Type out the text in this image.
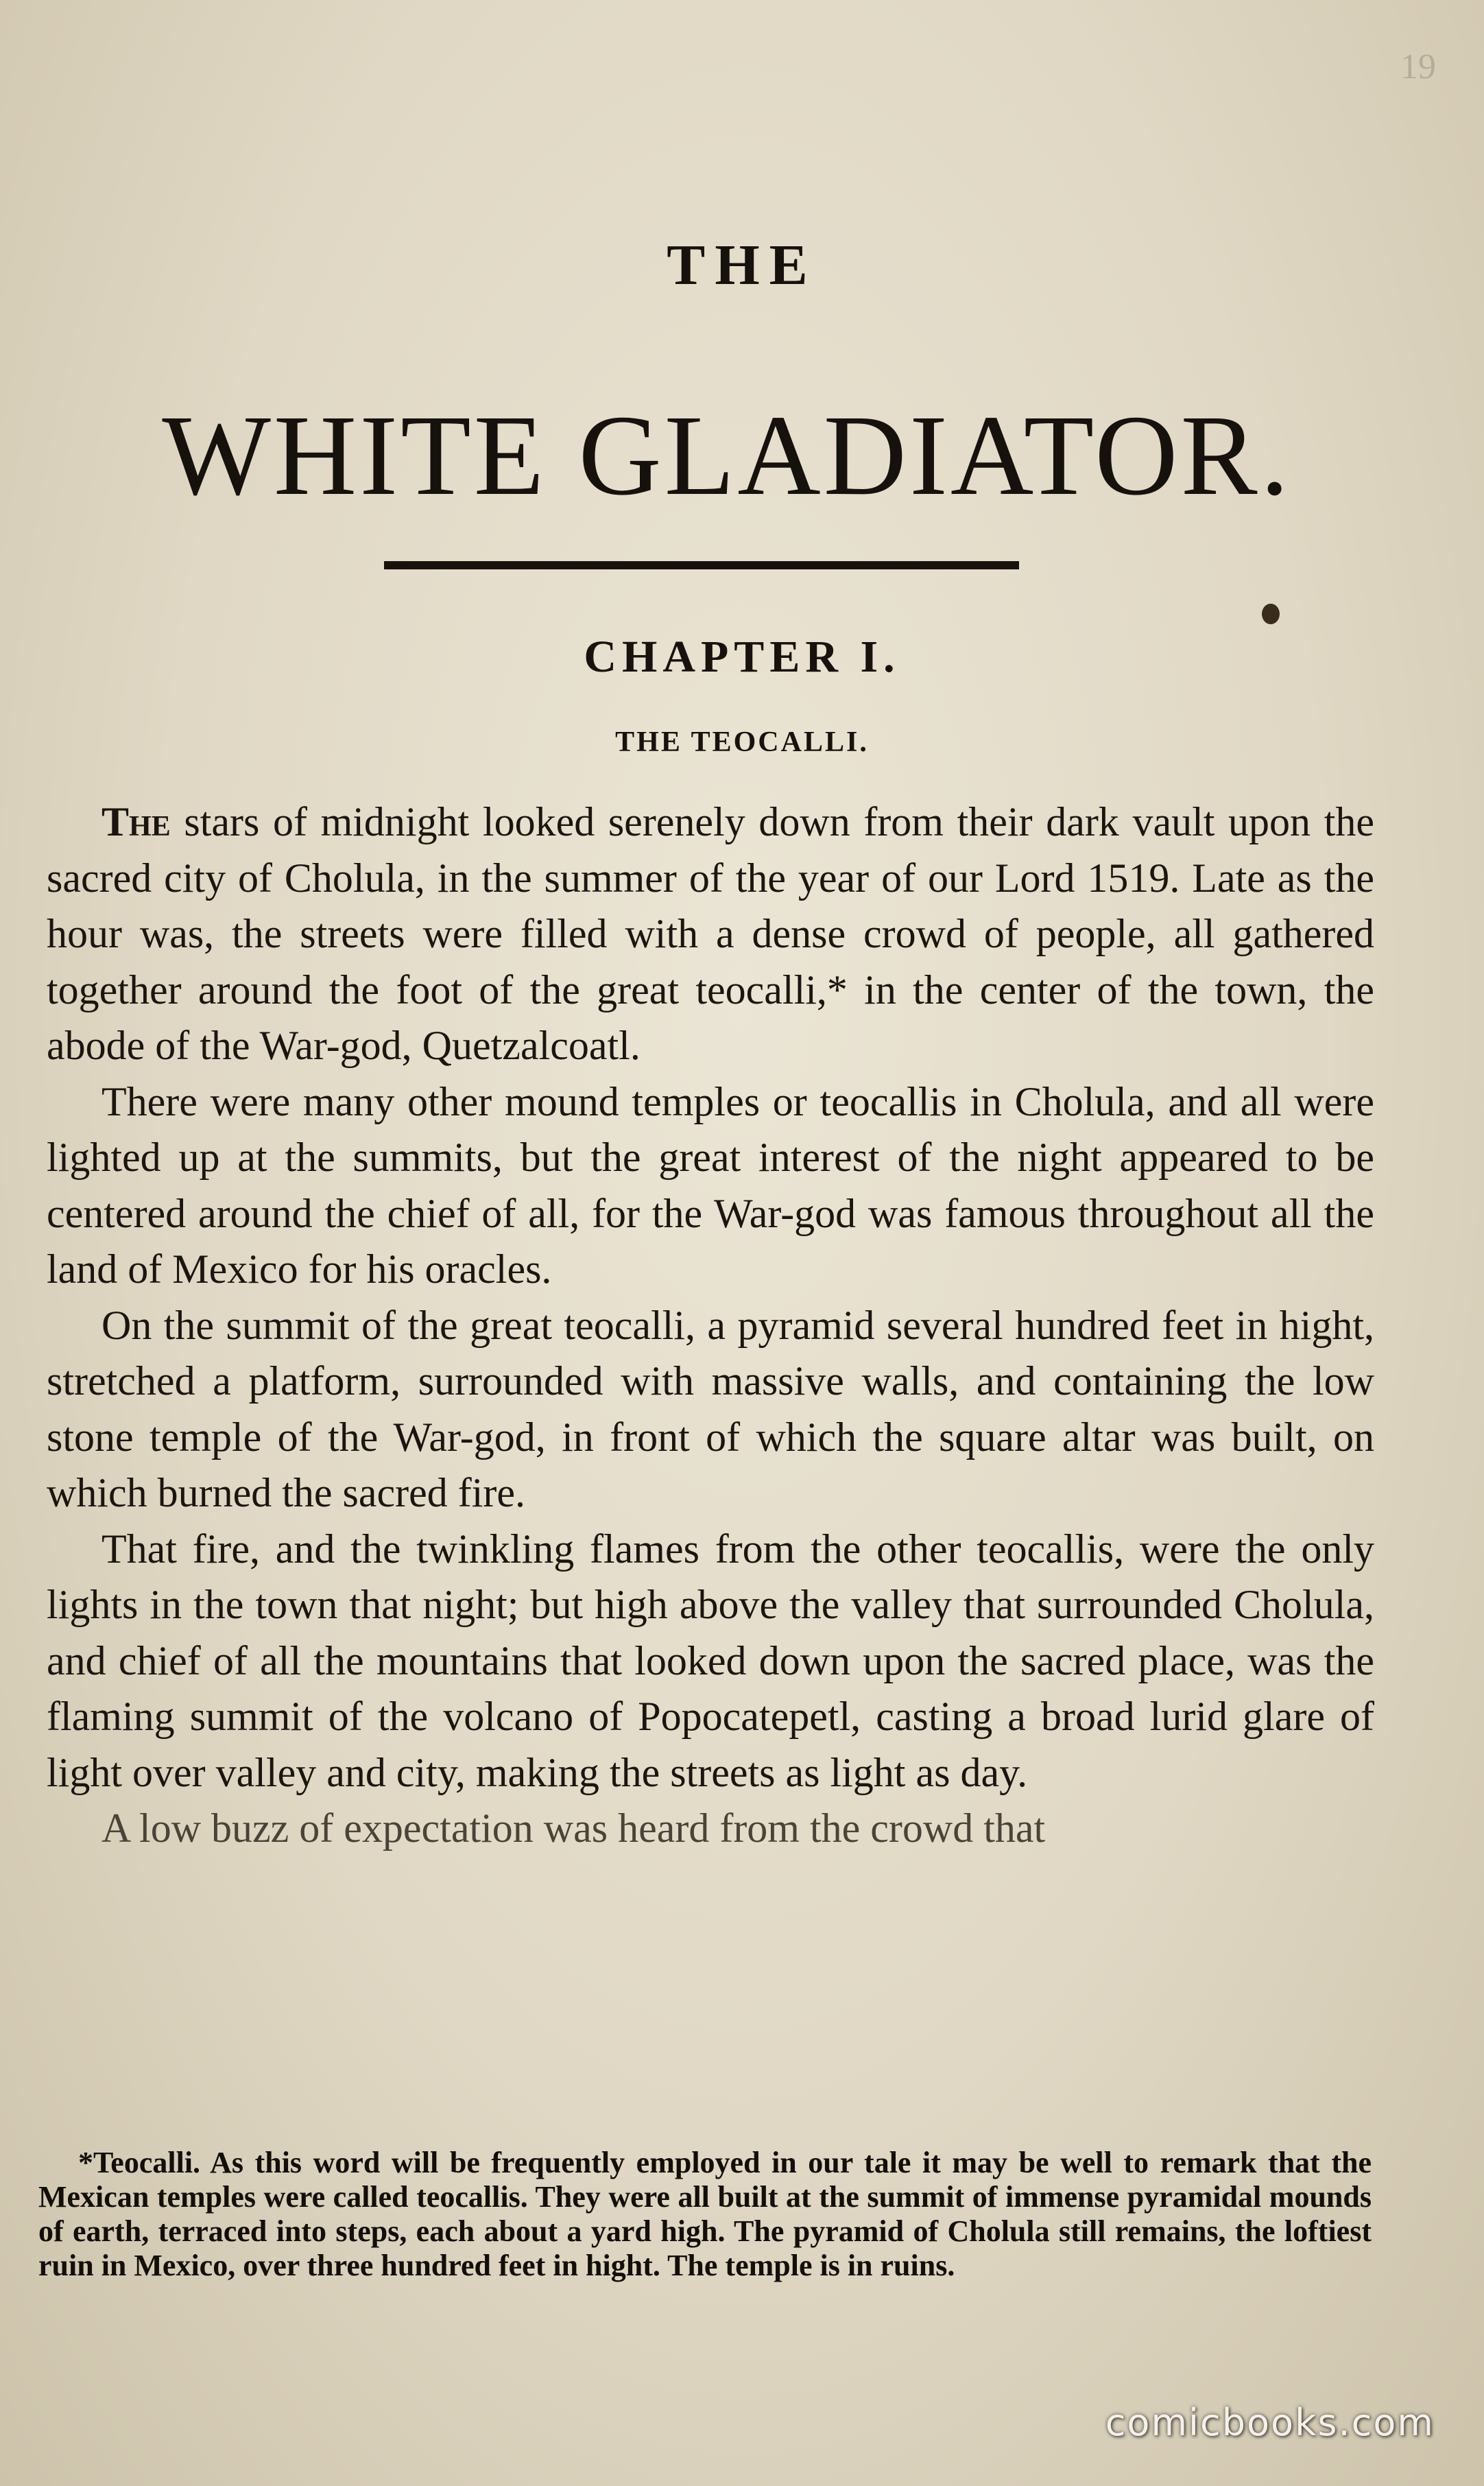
19
THE
WHITE GLADIATOR.
CHAPTER I.
THE TEOCALLI.

The stars of midnight looked serenely down from their dark vault upon the sacred city of Cholula, in the summer of the year of our Lord 1519. Late as the hour was, the streets were filled with a dense crowd of people, all gathered together around the foot of the great teocalli,* in the center of the town, the abode of the War-god, Quetzalcoatl.

There were many other mound temples or teocallis in Cholula, and all were lighted up at the summits, but the great interest of the night appeared to be centered around the chief of all, for the War-god was famous throughout all the land of Mexico for his oracles.

On the summit of the great teocalli, a pyramid several hundred feet in hight, stretched a platform, surrounded with massive walls, and containing the low stone temple of the War-god, in front of which the square altar was built, on which burned the sacred fire.

That fire, and the twinkling flames from the other teocallis, were the only lights in the town that night; but high above the valley that surrounded Cholula, and chief of all the mountains that looked down upon the sacred place, was the flaming summit of the volcano of Popocatepetl, casting a broad lurid glare of light over valley and city, making the streets as light as day.

A low buzz of expectation was heard from the crowd that

*Teocalli. As this word will be frequently employed in our tale it may be well to remark that the Mexican temples were called teocallis. They were all built at the summit of immense pyramidal mounds of earth, terraced into steps, each about a yard high. The pyramid of Cholula still remains, the loftiest ruin in Mexico, over three hundred feet in hight. The temple is in ruins.

comicbooks.com
